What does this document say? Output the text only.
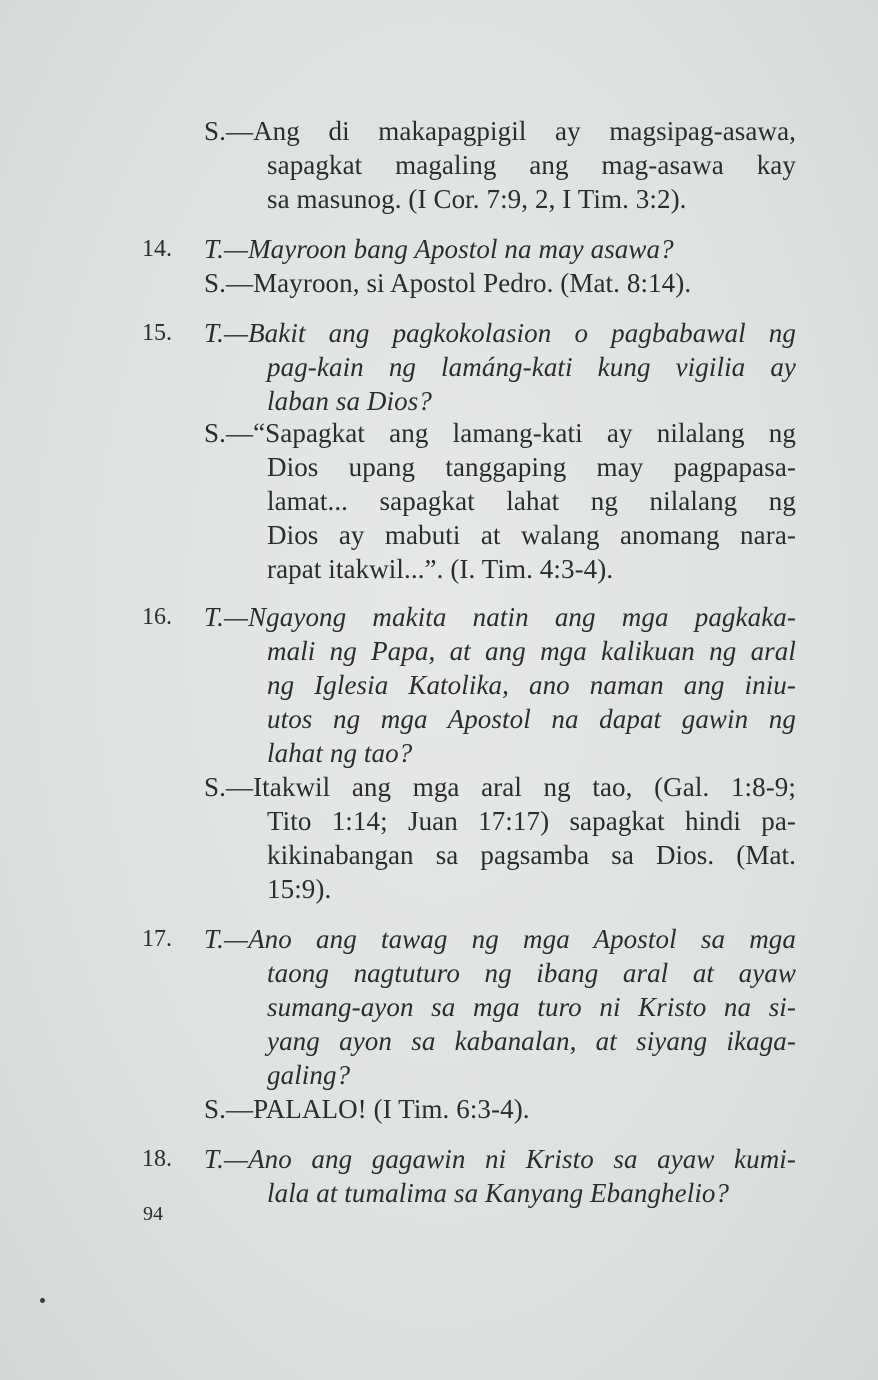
S.—Ang di makapagpigil ay magsipag-asawa,
sapagkat magaling ang mag-asawa kay
sa masunog. (I Cor. 7:9, 2, I Tim. 3:2).
14. T.—Mayroon bang Apostol na may asawa?
S.—Mayroon, si Apostol Pedro. (Mat. 8:14).
15. T.—Bakit ang pagkokolasion o pagbabawal ng
pag-kain ng lamáng-kati kung vigilia ay
laban sa Dios?
S.—“Sapagkat ang lamang-kati ay nilalang ng
Dios upang tanggaping may pagpapasa-
lamat... sapagkat lahat ng nilalang ng
Dios ay mabuti at walang anomang nara-
rapat itakwil...”. (I. Tim. 4:3-4).
16. T.—Ngayong makita natin ang mga pagkaka-
mali ng Papa, at ang mga kalikuan ng aral
ng Iglesia Katolika, ano naman ang iniu-
utos ng mga Apostol na dapat gawin ng
lahat ng tao?
S.—Itakwil ang mga aral ng tao, (Gal. 1:8-9;
Tito 1:14; Juan 17:17) sapagkat hindi pa-
kikinabangan sa pagsamba sa Dios. (Mat.
15:9).
17. T.—Ano ang tawag ng mga Apostol sa mga
taong nagtuturo ng ibang aral at ayaw
sumang-ayon sa mga turo ni Kristo na si-
yang ayon sa kabanalan, at siyang ikaga-
galing?
S.—PALALO! (I Tim. 6:3-4).
18. T.—Ano ang gagawin ni Kristo sa ayaw kumi-
lala at tumalima sa Kanyang Ebanghelio?
94
